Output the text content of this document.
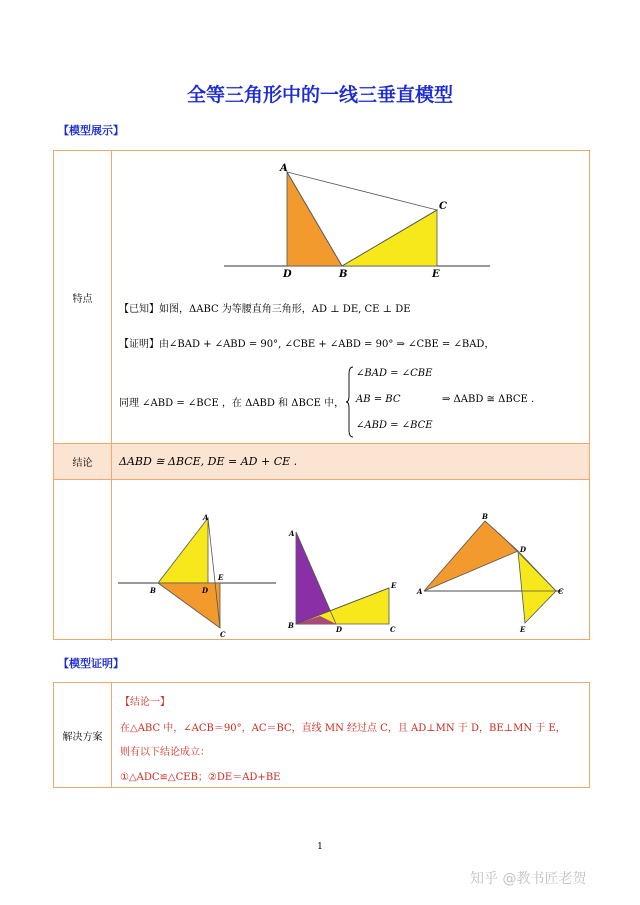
全等三角形中的一线三垂直模型
【模型展示】
特点
A
C
D	B	E
【已知】如图，ΔABC 为等腰直角三角形，AD ⊥ DE, CE ⊥ DE
【证明】由∠BAD + ∠ABD = 90°, ∠CBE + ∠ABD = 90° ⇒ ∠CBE = ∠BAD，
同理 ∠ABD = ∠BCE ，在 ΔABD 和 ΔBCE 中，
∠BAD = ∠CBE
AB = BC
∠ABD = ∠BCE
⇒ ΔABD ≅ ΔBCE .
结论	ΔABD ≅ ΔBCE, DE = AD + CE .
A
E
B	D
C
A
E
B	D	C
B
D
A	C
E
【模型证明】
解决方案
【结论一】
在△ABC 中，∠ACB＝90°，AC＝BC，直线 MN 经过点 C，且 AD⊥MN 于 D，BE⊥MN 于 E，
则有以下结论成立：
①△ADC≌△CEB；②DE＝AD+BE
1
知乎 @教书匠老贺
